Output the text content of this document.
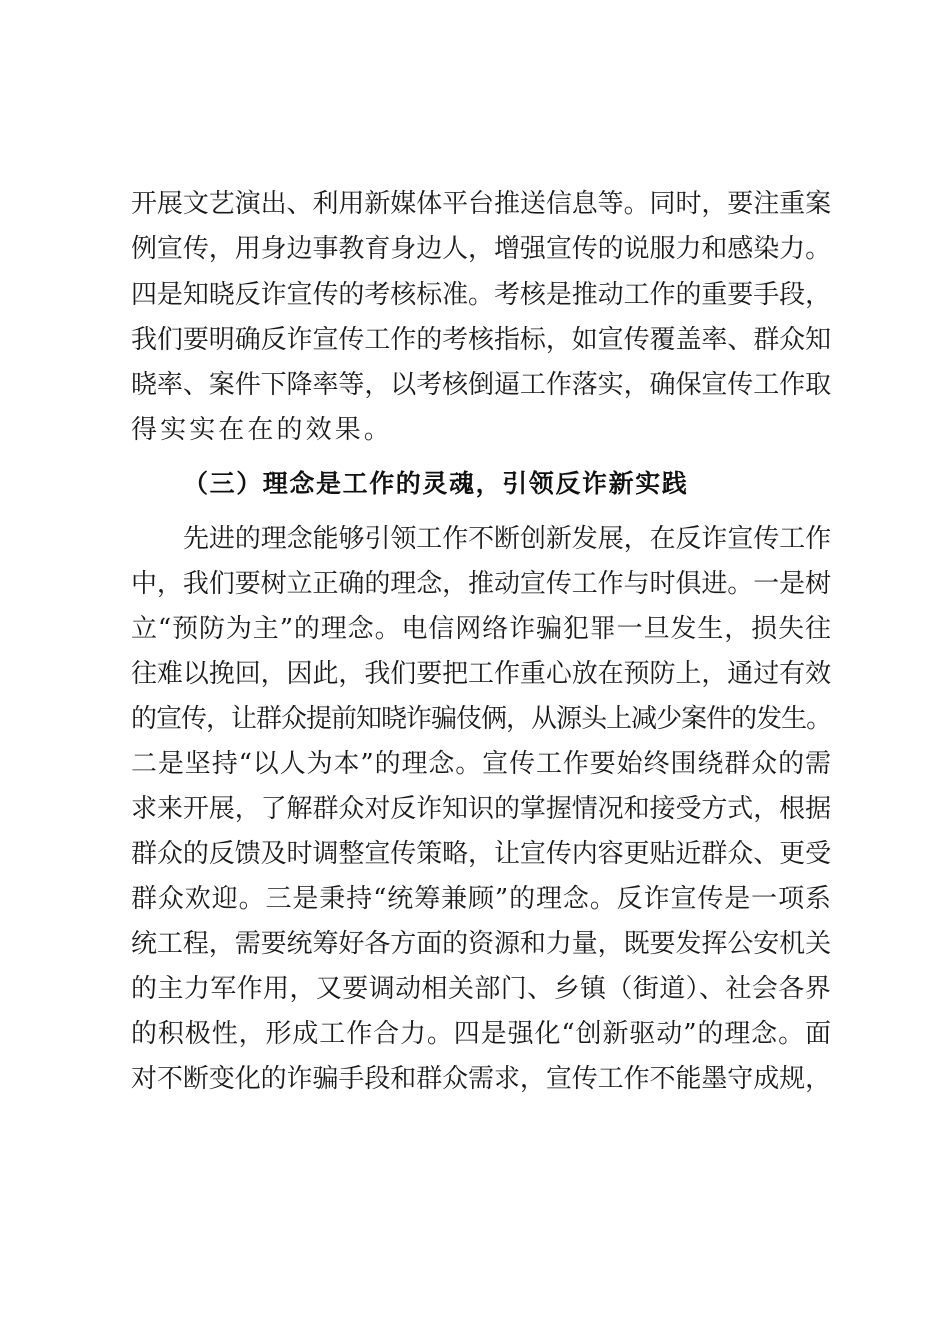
开展文艺演出、利用新媒体平台推送信息等。同时，要注重案
例宣传，用身边事教育身边人，增强宣传的说服力和感染力。
四是知晓反诈宣传的考核标准。考核是推动工作的重要手段，
我们要明确反诈宣传工作的考核指标，如宣传覆盖率、群众知
晓率、案件下降率等，以考核倒逼工作落实，确保宣传工作取
得实实在在的效果。
（三）理念是工作的灵魂，引领反诈新实践
先进的理念能够引领工作不断创新发展，在反诈宣传工作
中，我们要树立正确的理念，推动宣传工作与时俱进。一是树
立“预防为主”的理念。电信网络诈骗犯罪一旦发生，损失往
往难以挽回，因此，我们要把工作重心放在预防上，通过有效
的宣传，让群众提前知晓诈骗伎俩，从源头上减少案件的发生。
二是坚持“以人为本”的理念。宣传工作要始终围绕群众的需
求来开展，了解群众对反诈知识的掌握情况和接受方式，根据
群众的反馈及时调整宣传策略，让宣传内容更贴近群众、更受
群众欢迎。三是秉持“统筹兼顾”的理念。反诈宣传是一项系
统工程，需要统筹好各方面的资源和力量，既要发挥公安机关
的主力军作用，又要调动相关部门、乡镇（街道）、社会各界
的积极性，形成工作合力。四是强化“创新驱动”的理念。面
对不断变化的诈骗手段和群众需求，宣传工作不能墨守成规，
